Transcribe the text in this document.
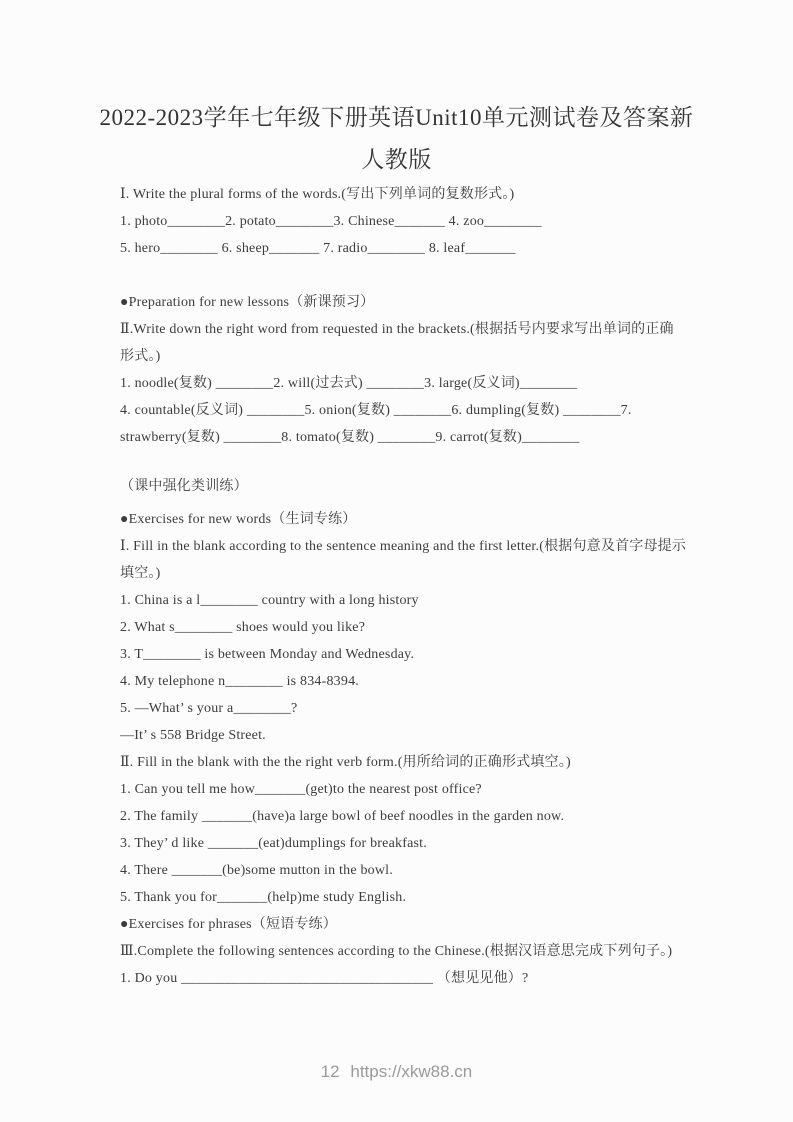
2022-2023学年七年级下册英语Unit10单元测试卷及答案新
人教版

Ⅰ. Write the plural forms of the words.(写出下列单词的复数形式。)

1. photo________2. potato________3. Chinese_______ 4. zoo________

5. hero________ 6. sheep_______ 7. radio________ 8. leaf_______

●Preparation for new lessons（新课预习）

Ⅱ.Write down the right word from requested in the brackets.(根据括号内要求写出单词的正确形式。)

1. noodle(复数) ________2. will(过去式) ________3. large(反义词)________

4. countable(反义词) ________5. onion(复数) ________6. dumpling(复数) ________7.

strawberry(复数) ________8. tomato(复数) ________9. carrot(复数)________

（课中强化类训练）

●Exercises for new words（生词专练）

Ⅰ. Fill in the blank according to the sentence meaning and the first letter.(根据句意及首字母提示填空。)

1. China is a l________ country with a long history

2. What s________ shoes would you like?

3. T________ is between Monday and Wednesday.

4. My telephone n________ is 834-8394.

5. —What’ s your a________?

—It’ s 558 Bridge Street.

Ⅱ. Fill in the blank with the the right verb form.(用所给词的正确形式填空。)

1. Can you tell me how_______(get)to the nearest post office?

2. The family _______(have)a large bowl of beef noodles in the garden now.

3. They’ d like _______(eat)dumplings for breakfast.

4. There _______(be)some mutton in the bowl.

5. Thank you for_______(help)me study English.

●Exercises for phrases（短语专练）

Ⅲ.Complete the following sentences according to the Chinese.(根据汉语意思完成下列句子。)

1. Do you ___________________________________ （想见见他）?

12 https://xkw88.cn
